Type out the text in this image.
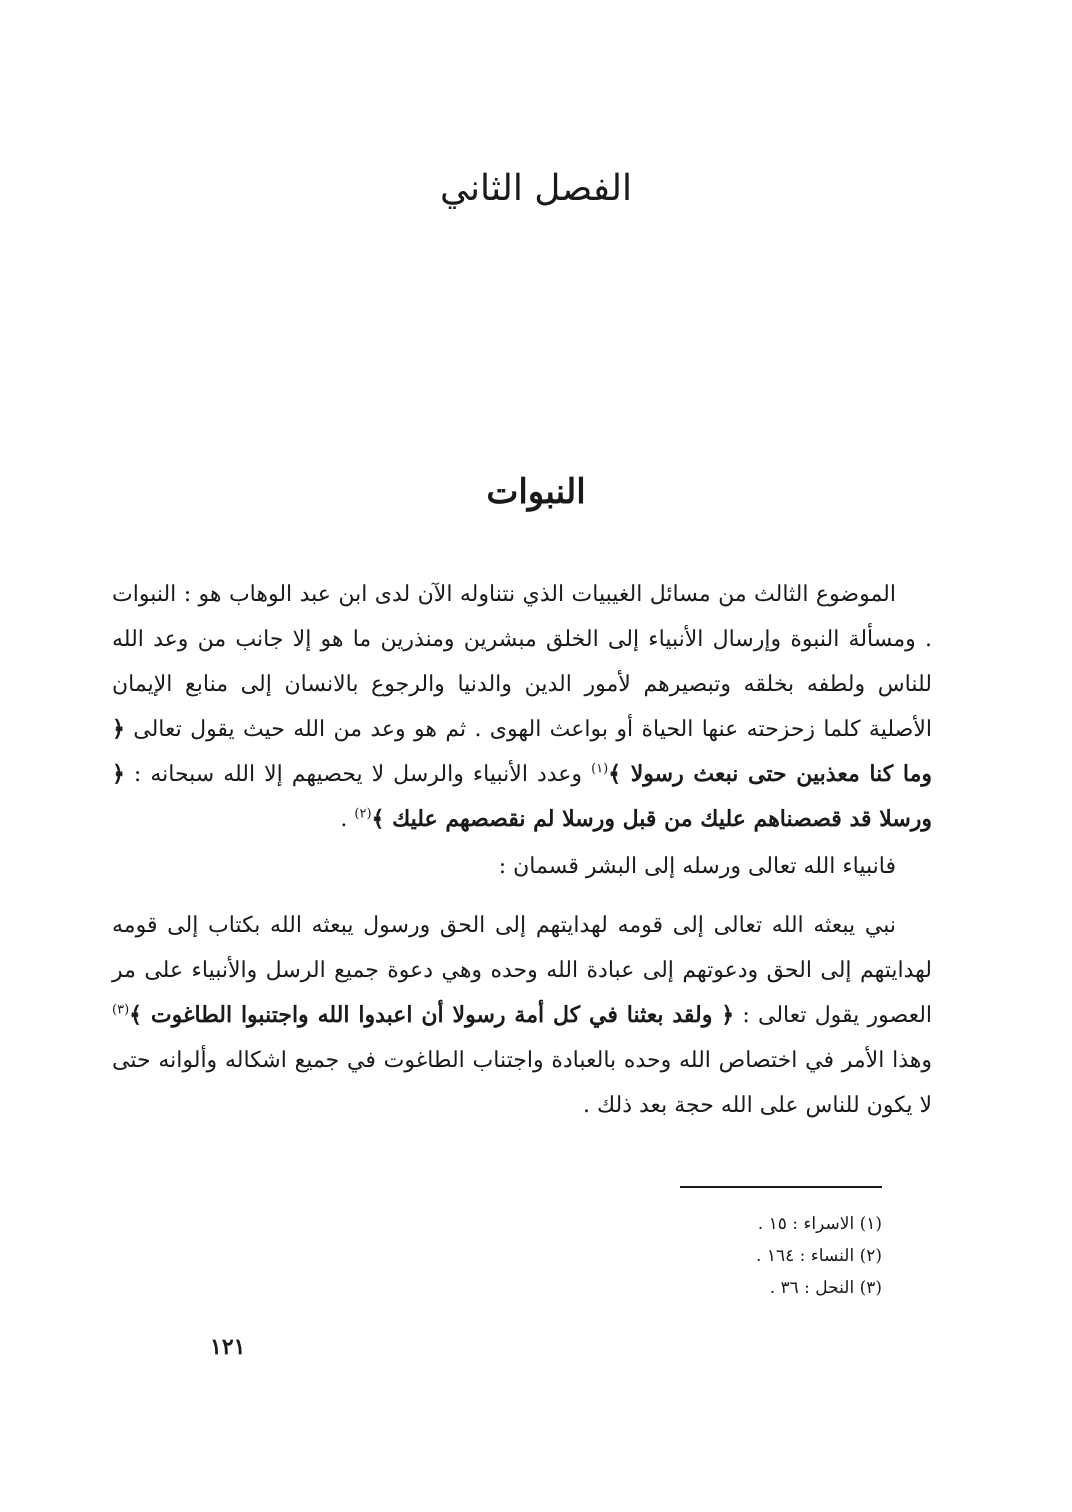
الفصل الثاني
النبوات

الموضوع الثالث من مسائل الغيبيات الذي نتناوله الآن لدى ابن عبد الوهاب هو : النبوات . ومسألة النبوة وإرسال الأنبياء إلى الخلق مبشرين ومنذرين ما هو إلا جانب من وعد الله للناس ولطفه بخلقه وتبصيرهم لأمور الدين والدنيا والرجوع بالانسان إلى منابع الإيمان الأصلية كلما زحزحته عنها الحياة أو بواعث الهوى . ثم هو وعد من الله حيث يقول تعالى ﴿ وما كنا معذبين حتى نبعث رسولا ﴾$^{(١)}$ وعدد الأنبياء والرسل لا يحصيهم إلا الله سبحانه : ﴿ ورسلا قد قصصناهم عليك من قبل ورسلا لم نقصصهم عليك ﴾$^{(٢)}$ .

فانبياء الله تعالى ورسله إلى البشر قسمان :

نبي يبعثه الله تعالى إلى قومه لهدايتهم إلى الحق ورسول يبعثه الله بكتاب إلى قومه لهدايتهم إلى الحق ودعوتهم إلى عبادة الله وحده وهي دعوة جميع الرسل والأنبياء على مر العصور يقول تعالى : ﴿ ولقد بعثنا في كل أمة رسولا أن اعبدوا الله واجتنبوا الطاغوت ﴾$^{(٣)}$ وهذا الأمر في اختصاص الله وحده بالعبادة واجتناب الطاغوت في جميع اشكاله وألوانه حتى لا يكون للناس على الله حجة بعد ذلك .

(١) الاسراء : ١٥ .
(٢) النساء : ١٦٤ .
(٣) النحل : ٣٦ .
١٢١
